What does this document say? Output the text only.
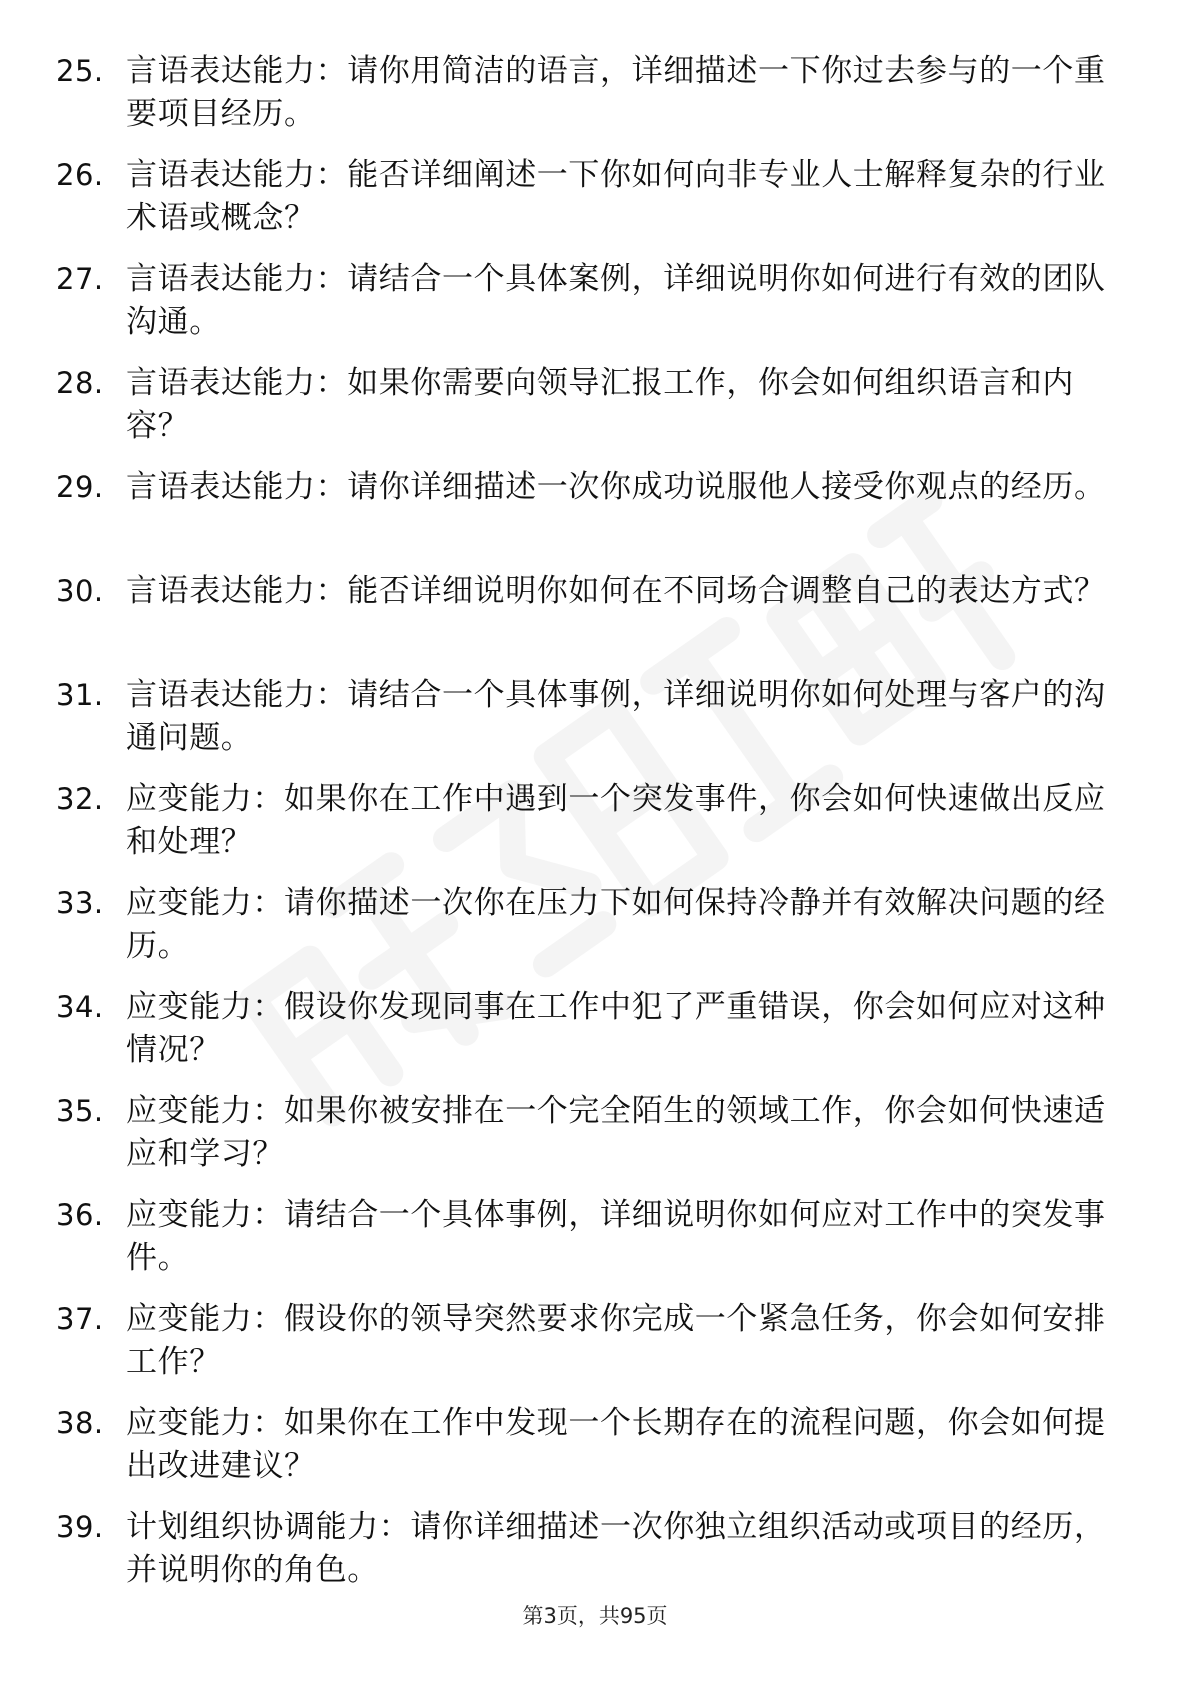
25. 言语表达能力：请你用简洁的语言，详细描述一下你过去参与的一个重要项目经历。
26. 言语表达能力：能否详细阐述一下你如何向非专业人士解释复杂的行业术语或概念？
27. 言语表达能力：请结合一个具体案例，详细说明你如何进行有效的团队沟通。
28. 言语表达能力：如果你需要向领导汇报工作，你会如何组织语言和内容？
29. 言语表达能力：请你详细描述一次你成功说服他人接受你观点的经历。
30. 言语表达能力：能否详细说明你如何在不同场合调整自己的表达方式？
31. 言语表达能力：请结合一个具体事例，详细说明你如何处理与客户的沟通问题。
32. 应变能力：如果你在工作中遇到一个突发事件，你会如何快速做出反应和处理？
33. 应变能力：请你描述一次你在压力下如何保持冷静并有效解决问题的经历。
34. 应变能力：假设你发现同事在工作中犯了严重错误，你会如何应对这种情况？
35. 应变能力：如果你被安排在一个完全陌生的领域工作，你会如何快速适应和学习？
36. 应变能力：请结合一个具体事例，详细说明你如何应对工作中的突发事件。
37. 应变能力：假设你的领导突然要求你完成一个紧急任务，你会如何安排工作？
38. 应变能力：如果你在工作中发现一个长期存在的流程问题，你会如何提出改进建议？
39. 计划组织协调能力：请你详细描述一次你独立组织活动或项目的经历，并说明你的角色。
第3页，共95页
